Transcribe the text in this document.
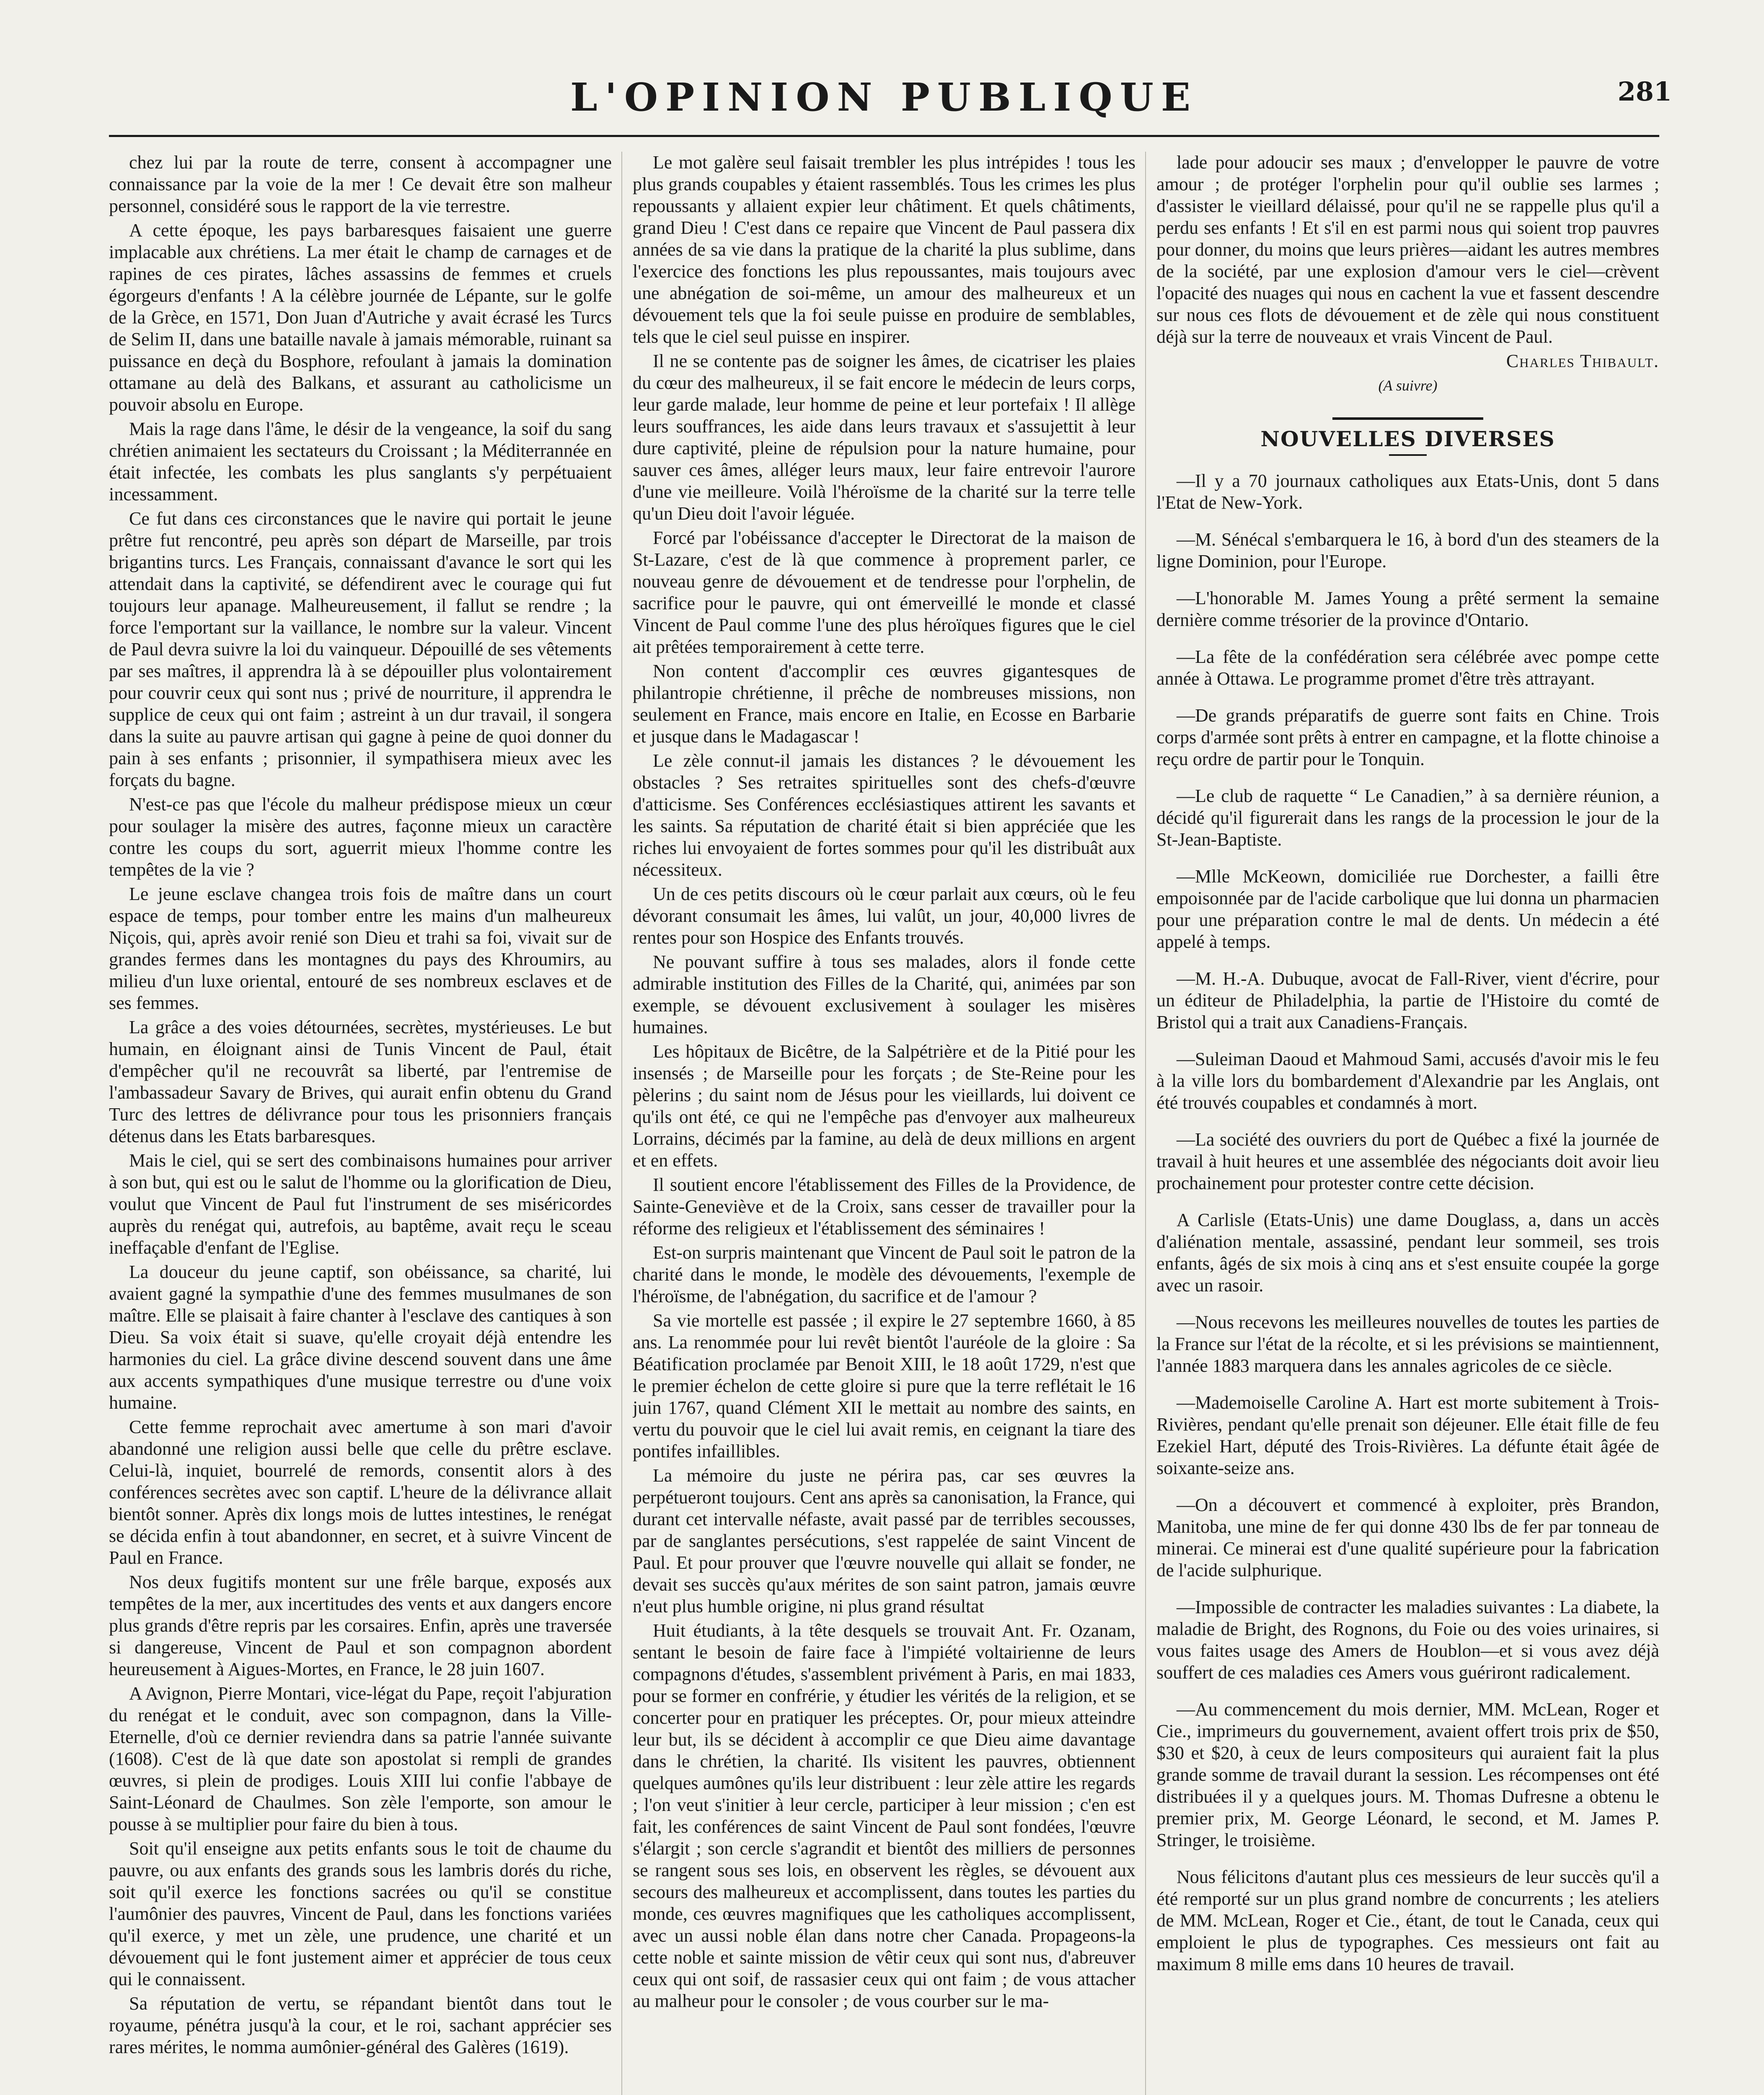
L'OPINION PUBLIQUE	281

chez lui par la route de terre, consent à accompagner une connaissance par la voie de la mer ! Ce devait être son malheur personnel, considéré sous le rapport de la vie terrestre.

A cette époque, les pays barbaresques faisaient une guerre implacable aux chrétiens. La mer était le champ de carnages et de rapines de ces pirates, lâches assassins de femmes et cruels égorgeurs d'enfants ! A la célèbre journée de Lépante, sur le golfe de la Grèce, en 1571, Don Juan d'Autriche y avait écrasé les Turcs de Selim II, dans une bataille navale à jamais mémorable, ruinant sa puissance en deçà du Bosphore, refoulant à jamais la domination ottamane au delà des Balkans, et assurant au catholicisme un pouvoir absolu en Europe.

Mais la rage dans l'âme, le désir de la vengeance, la soif du sang chrétien animaient les sectateurs du Croissant ; la Méditerrannée en était infectée, les combats les plus sanglants s'y perpétuaient incessamment.

Ce fut dans ces circonstances que le navire qui portait le jeune prêtre fut rencontré, peu après son départ de Marseille, par trois brigantins turcs. Les Français, connaissant d'avance le sort qui les attendait dans la captivité, se défendirent avec le courage qui fut toujours leur apanage. Malheureusement, il fallut se rendre ; la force l'emportant sur la vaillance, le nombre sur la valeur. Vincent de Paul devra suivre la loi du vainqueur. Dépouillé de ses vêtements par ses maîtres, il apprendra là à se dépouiller plus volontairement pour couvrir ceux qui sont nus ; privé de nourriture, il apprendra le supplice de ceux qui ont faim ; astreint à un dur travail, il songera dans la suite au pauvre artisan qui gagne à peine de quoi donner du pain à ses enfants ; prisonnier, il sympathisera mieux avec les forçats du bagne.

N'est-ce pas que l'école du malheur prédispose mieux un cœur pour soulager la misère des autres, façonne mieux un caractère contre les coups du sort, aguerrit mieux l'homme contre les tempêtes de la vie ?

Le jeune esclave changea trois fois de maître dans un court espace de temps, pour tomber entre les mains d'un malheureux Niçois, qui, après avoir renié son Dieu et trahi sa foi, vivait sur de grandes fermes dans les montagnes du pays des Khroumirs, au milieu d'un luxe oriental, entouré de ses nombreux esclaves et de ses femmes.

La grâce a des voies détournées, secrètes, mystérieuses. Le but humain, en éloignant ainsi de Tunis Vincent de Paul, était d'empêcher qu'il ne recouvrât sa liberté, par l'entremise de l'ambassadeur Savary de Brives, qui aurait enfin obtenu du Grand Turc des lettres de délivrance pour tous les prisonniers français détenus dans les Etats barbaresques.

Mais le ciel, qui se sert des combinaisons humaines pour arriver à son but, qui est ou le salut de l'homme ou la glorification de Dieu, voulut que Vincent de Paul fut l'instrument de ses miséricordes auprès du renégat qui, autrefois, au baptême, avait reçu le sceau ineffaçable d'enfant de l'Eglise.

La douceur du jeune captif, son obéissance, sa charité, lui avaient gagné la sympathie d'une des femmes musulmanes de son maître. Elle se plaisait à faire chanter à l'esclave des cantiques à son Dieu. Sa voix était si suave, qu'elle croyait déjà entendre les harmonies du ciel. La grâce divine descend souvent dans une âme aux accents sympathiques d'une musique terrestre ou d'une voix humaine.

Cette femme reprochait avec amertume à son mari d'avoir abandonné une religion aussi belle que celle du prêtre esclave. Celui-là, inquiet, bourrelé de remords, consentit alors à des conférences secrètes avec son captif. L'heure de la délivrance allait bientôt sonner. Après dix longs mois de luttes intestines, le renégat se décida enfin à tout abandonner, en secret, et à suivre Vincent de Paul en France.

Nos deux fugitifs montent sur une frêle barque, exposés aux tempêtes de la mer, aux incertitudes des vents et aux dangers encore plus grands d'être repris par les corsaires. Enfin, après une traversée si dangereuse, Vincent de Paul et son compagnon abordent heureusement à Aigues-Mortes, en France, le 28 juin 1607.

A Avignon, Pierre Montari, vice-légat du Pape, reçoit l'abjuration du renégat et le conduit, avec son compagnon, dans la Ville-Eternelle, d'où ce dernier reviendra dans sa patrie l'année suivante (1608). C'est de là que date son apostolat si rempli de grandes œuvres, si plein de prodiges. Louis XIII lui confie l'abbaye de Saint-Léonard de Chaulmes. Son zèle l'emporte, son amour le pousse à se multiplier pour faire du bien à tous.

Soit qu'il enseigne aux petits enfants sous le toit de chaume du pauvre, ou aux enfants des grands sous les lambris dorés du riche, soit qu'il exerce les fonctions sacrées ou qu'il se constitue l'aumônier des pauvres, Vincent de Paul, dans les fonctions variées qu'il exerce, y met un zèle, une prudence, une charité et un dévouement qui le font justement aimer et apprécier de tous ceux qui le connaissent.

Sa réputation de vertu, se répandant bientôt dans tout le royaume, pénétra jusqu'à la cour, et le roi, sachant apprécier ses rares mérites, le nomma aumônier-général des Galères (1619).

Le mot galère seul faisait trembler les plus intrépides ! tous les plus grands coupables y étaient rassemblés. Tous les crimes les plus repoussants y allaient expier leur châtiment. Et quels châtiments, grand Dieu ! C'est dans ce repaire que Vincent de Paul passera dix années de sa vie dans la pratique de la charité la plus sublime, dans l'exercice des fonctions les plus repoussantes, mais toujours avec une abnégation de soi-même, un amour des malheureux et un dévouement tels que la foi seule puisse en produire de semblables, tels que le ciel seul puisse en inspirer.

Il ne se contente pas de soigner les âmes, de cicatriser les plaies du cœur des malheureux, il se fait encore le médecin de leurs corps, leur garde malade, leur homme de peine et leur portefaix ! Il allège leurs souffrances, les aide dans leurs travaux et s'assujettit à leur dure captivité, pleine de répulsion pour la nature humaine, pour sauver ces âmes, alléger leurs maux, leur faire entrevoir l'aurore d'une vie meilleure. Voilà l'héroïsme de la charité sur la terre telle qu'un Dieu doit l'avoir léguée.

Forcé par l'obéissance d'accepter le Directorat de la maison de St-Lazare, c'est de là que commence à proprement parler, ce nouveau genre de dévouement et de tendresse pour l'orphelin, de sacrifice pour le pauvre, qui ont émerveillé le monde et classé Vincent de Paul comme l'une des plus héroïques figures que le ciel ait prêtées temporairement à cette terre.

Non content d'accomplir ces œuvres gigantesques de philantropie chrétienne, il prêche de nombreuses missions, non seulement en France, mais encore en Italie, en Ecosse en Barbarie et jusque dans le Madagascar !

Le zèle connut-il jamais les distances ? le dévouement les obstacles ? Ses retraites spirituelles sont des chefs-d'œuvre d'atticisme. Ses Conférences ecclésiastiques attirent les savants et les saints. Sa réputation de charité était si bien appréciée que les riches lui envoyaient de fortes sommes pour qu'il les distribuât aux nécessiteux.

Un de ces petits discours où le cœur parlait aux cœurs, où le feu dévorant consumait les âmes, lui valût, un jour, 40,000 livres de rentes pour son Hospice des Enfants trouvés.

Ne pouvant suffire à tous ses malades, alors il fonde cette admirable institution des Filles de la Charité, qui, animées par son exemple, se dévouent exclusivement à soulager les misères humaines.

Les hôpitaux de Bicêtre, de la Salpétrière et de la Pitié pour les insensés ; de Marseille pour les forçats ; de Ste-Reine pour les pèlerins ; du saint nom de Jésus pour les vieillards, lui doivent ce qu'ils ont été, ce qui ne l'empêche pas d'envoyer aux malheureux Lorrains, décimés par la famine, au delà de deux millions en argent et en effets.

Il soutient encore l'établissement des Filles de la Providence, de Sainte-Geneviève et de la Croix, sans cesser de travailler pour la réforme des religieux et l'établissement des séminaires !

Est-on surpris maintenant que Vincent de Paul soit le patron de la charité dans le monde, le modèle des dévouements, l'exemple de l'héroïsme, de l'abnégation, du sacrifice et de l'amour ?

Sa vie mortelle est passée ; il expire le 27 septembre 1660, à 85 ans. La renommée pour lui revêt bientôt l'auréole de la gloire : Sa Béatification proclamée par Benoit XIII, le 18 août 1729, n'est que le premier échelon de cette gloire si pure que la terre reflétait le 16 juin 1767, quand Clément XII le mettait au nombre des saints, en vertu du pouvoir que le ciel lui avait remis, en ceignant la tiare des pontifes infaillibles.

La mémoire du juste ne périra pas, car ses œuvres la perpétueront toujours. Cent ans après sa canonisation, la France, qui durant cet intervalle néfaste, avait passé par de terribles secousses, par de sanglantes persécutions, s'est rappelée de saint Vincent de Paul. Et pour prouver que l'œuvre nouvelle qui allait se fonder, ne devait ses succès qu'aux mérites de son saint patron, jamais œuvre n'eut plus humble origine, ni plus grand résultat

Huit étudiants, à la tête desquels se trouvait Ant. Fr. Ozanam, sentant le besoin de faire face à l'impiété voltairienne de leurs compagnons d'études, s'assemblent privément à Paris, en mai 1833, pour se former en confrérie, y étudier les vérités de la religion, et se concerter pour en pratiquer les préceptes. Or, pour mieux atteindre leur but, ils se décident à accomplir ce que Dieu aime davantage dans le chrétien, la charité. Ils visitent les pauvres, obtiennent quelques aumônes qu'ils leur distribuent : leur zèle attire les regards ; l'on veut s'initier à leur cercle, participer à leur mission ; c'en est fait, les conférences de saint Vincent de Paul sont fondées, l'œuvre s'élargit ; son cercle s'agrandit et bientôt des milliers de personnes se rangent sous ses lois, en observent les règles, se dévouent aux secours des malheureux et accomplissent, dans toutes les parties du monde, ces œuvres magnifiques que les catholiques accomplissent, avec un aussi noble élan dans notre cher Canada. Propageons-la cette noble et sainte mission de vêtir ceux qui sont nus, d'abreuver ceux qui ont soif, de rassasier ceux qui ont faim ; de vous attacher au malheur pour le consoler ; de vous courber sur le ma-

lade pour adoucir ses maux ; d'envelopper le pauvre de votre amour ; de protéger l'orphelin pour qu'il oublie ses larmes ; d'assister le vieillard délaissé, pour qu'il ne se rappelle plus qu'il a perdu ses enfants ! Et s'il en est parmi nous qui soient trop pauvres pour donner, du moins que leurs prières—aidant les autres membres de la société, par une explosion d'amour vers le ciel—crèvent l'opacité des nuages qui nous en cachent la vue et fassent descendre sur nous ces flots de dévouement et de zèle qui nous constituent déjà sur la terre de nouveaux et vrais Vincent de Paul.

Charles Thibault.

(A suivre)

NOUVELLES DIVERSES

—Il y a 70 journaux catholiques aux Etats-Unis, dont 5 dans l'Etat de New-York.

—M. Sénécal s'embarquera le 16, à bord d'un des steamers de la ligne Dominion, pour l'Europe.

—L'honorable M. James Young a prêté serment la semaine dernière comme trésorier de la province d'Ontario.

—La fête de la confédération sera célébrée avec pompe cette année à Ottawa. Le programme promet d'être très attrayant.

—De grands préparatifs de guerre sont faits en Chine. Trois corps d'armée sont prêts à entrer en campagne, et la flotte chinoise a reçu ordre de partir pour le Tonquin.

—Le club de raquette “ Le Canadien,” à sa dernière réunion, a décidé qu'il figurerait dans les rangs de la procession le jour de la St-Jean-Baptiste.

—Mlle McKeown, domiciliée rue Dorchester, a failli être empoisonnée par de l'acide carbolique que lui donna un pharmacien pour une préparation contre le mal de dents. Un médecin a été appelé à temps.

—M. H.-A. Dubuque, avocat de Fall-River, vient d'écrire, pour un éditeur de Philadelphia, la partie de l'Histoire du comté de Bristol qui a trait aux Canadiens-Français.

—Suleiman Daoud et Mahmoud Sami, accusés d'avoir mis le feu à la ville lors du bombardement d'Alexandrie par les Anglais, ont été trouvés coupables et condamnés à mort.

—La société des ouvriers du port de Québec a fixé la journée de travail à huit heures et une assemblée des négociants doit avoir lieu prochainement pour protester contre cette décision.

A Carlisle (Etats-Unis) une dame Douglass, a, dans un accès d'aliénation mentale, assassiné, pendant leur sommeil, ses trois enfants, âgés de six mois à cinq ans et s'est ensuite coupée la gorge avec un rasoir.

—Nous recevons les meilleures nouvelles de toutes les parties de la France sur l'état de la récolte, et si les prévisions se maintiennent, l'année 1883 marquera dans les annales agricoles de ce siècle.

—Mademoiselle Caroline A. Hart est morte subitement à Trois-Rivières, pendant qu'elle prenait son déjeuner. Elle était fille de feu Ezekiel Hart, député des Trois-Rivières. La défunte était âgée de soixante-seize ans.

—On a découvert et commencé à exploiter, près Brandon, Manitoba, une mine de fer qui donne 430 lbs de fer par tonneau de minerai. Ce minerai est d'une qualité supérieure pour la fabrication de l'acide sulphurique.

—Impossible de contracter les maladies suivantes : La diabete, la maladie de Bright, des Rognons, du Foie ou des voies urinaires, si vous faites usage des Amers de Houblon—et si vous avez déjà souffert de ces maladies ces Amers vous guériront radicalement.

—Au commencement du mois dernier, MM. McLean, Roger et Cie., imprimeurs du gouvernement, avaient offert trois prix de $50, $30 et $20, à ceux de leurs compositeurs qui auraient fait la plus grande somme de travail durant la session. Les récompenses ont été distribuées il y a quelques jours. M. Thomas Dufresne a obtenu le premier prix, M. George Léonard, le second, et M. James P. Stringer, le troisième.

Nous félicitons d'autant plus ces messieurs de leur succès qu'il a été remporté sur un plus grand nombre de concurrents ; les ateliers de MM. McLean, Roger et Cie., étant, de tout le Canada, ceux qui emploient le plus de typographes. Ces messieurs ont fait au maximum 8 mille ems dans 10 heures de travail.
